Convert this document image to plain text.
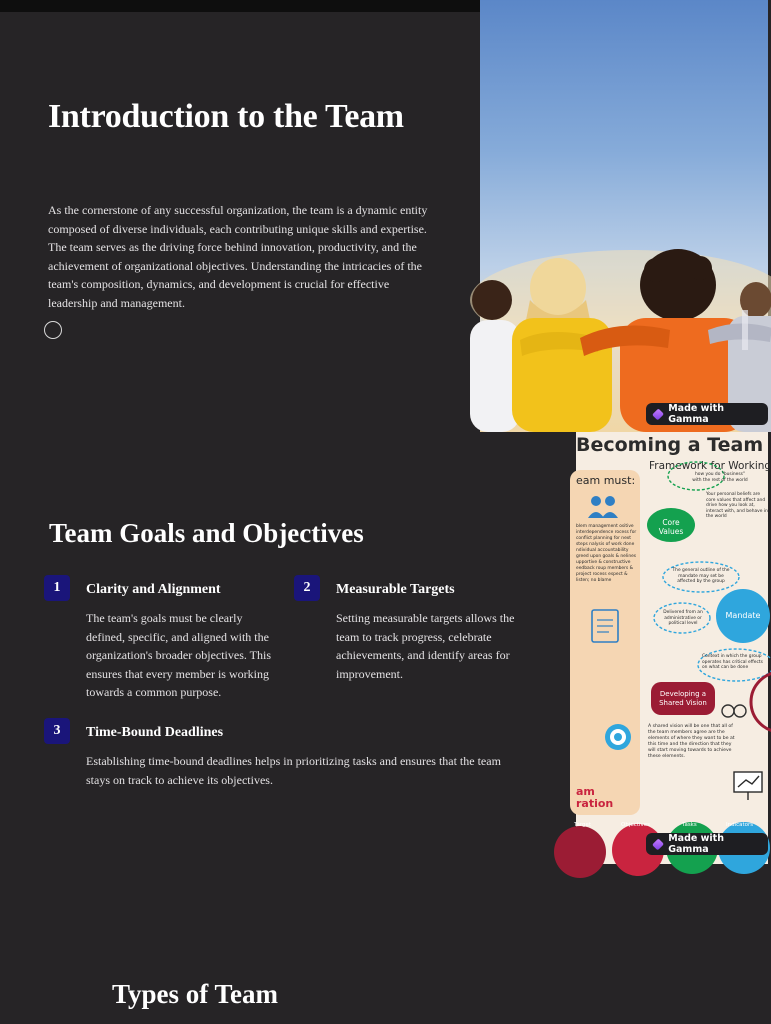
Introduction to the Team

As the cornerstone of any successful organization, the team is a dynamic entity composed of diverse individuals, each contributing unique skills and expertise. The team serves as the driving force behind innovation, productivity, and the achievement of organizational objectives. Understanding the intricacies of the team's composition, dynamics, and development is crucial for effective leadership and management.

Made with Gamma
Team Goals and Objectives
1	Clarity and Alignment
The team's goals must be clearly defined, specific, and aligned with the organization's broader objectives. This ensures that every member is working towards a common purpose.
2	Measurable Targets
Setting measurable targets allows the team to track progress, celebrate achievements, and identify areas for improvement.
3	Time-Bound Deadlines
Establishing time-bound deadlines helps in prioritizing tasks and ensures that the team stays on track to achieve its objectives.
Becoming a Team
Framework for Working
eam must:
Core Values
Mandate
Developing a Shared Vision
am ration
how you do "business" with the rest of the world
Your personal beliefs are core values that affect and drive how you look at, interact with, and behave in the world
blem management ositive interdependence rocess for conflict planning for next steps nalysis of work done ndividual accountability greed upon goals & nelines upportive & constructive eedback roup members & project rocess espect & listen; no blame
The general outline of the mandate may set be affected by the group
Delivered from an administrative or political level
Context in which the group operates has critical effects on what can be done
A shared vision will be one that all of the team members agree are the elements of where they want to be at this time and the direction that they will start moving towards to achieve these elements.
Target	Objectives	Tasks	Indicators
Made with Gamma
Types of Team
